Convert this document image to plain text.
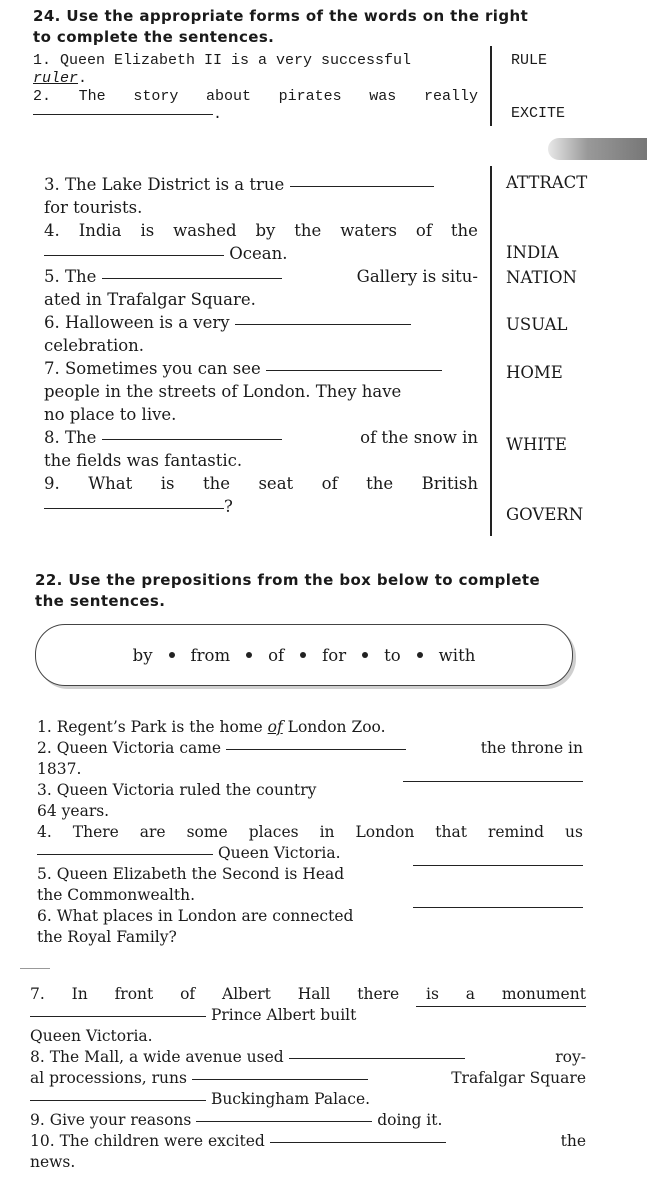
24. Use the appropriate forms of the words on the right
to complete the sentences.
1. Queen Elizabeth II is a very successful
ruler.
2. The story about pirates was really
.
RULE
EXCITE
3. The Lake District is a true
for tourists.
4. India is washed by the waters of the
Ocean.
5. The	Gallery is situ-
ated in Trafalgar Square.
6. Halloween is a very
celebration.
7. Sometimes you can see
people in the streets of London. They have
no place to live.
8. The	of the snow in
the fields was fantastic.
9. What is the seat of the British
?
ATTRACT
INDIA
NATION
USUAL
HOME
WHITE
GOVERN
22. Use the prepositions from the box below to complete
the sentences.
by from of for to with
1. Regent’s Park is the home of London Zoo.
2. Queen Victoria came	the throne in
1837.
3. Queen Victoria ruled the country
64 years.
4. There are some places in London that remind us
Queen Victoria.
5. Queen Elizabeth the Second is Head
the Commonwealth.
6. What places in London are connected
the Royal Family?
7. In front of Albert Hall there is a monument
Prince Albert built
Queen Victoria.
8. The Mall, a wide avenue used	roy-
al processions, runs	Trafalgar Square
Buckingham Palace.
9. Give your reasons	doing it.
10. The children were excited	the
news.
